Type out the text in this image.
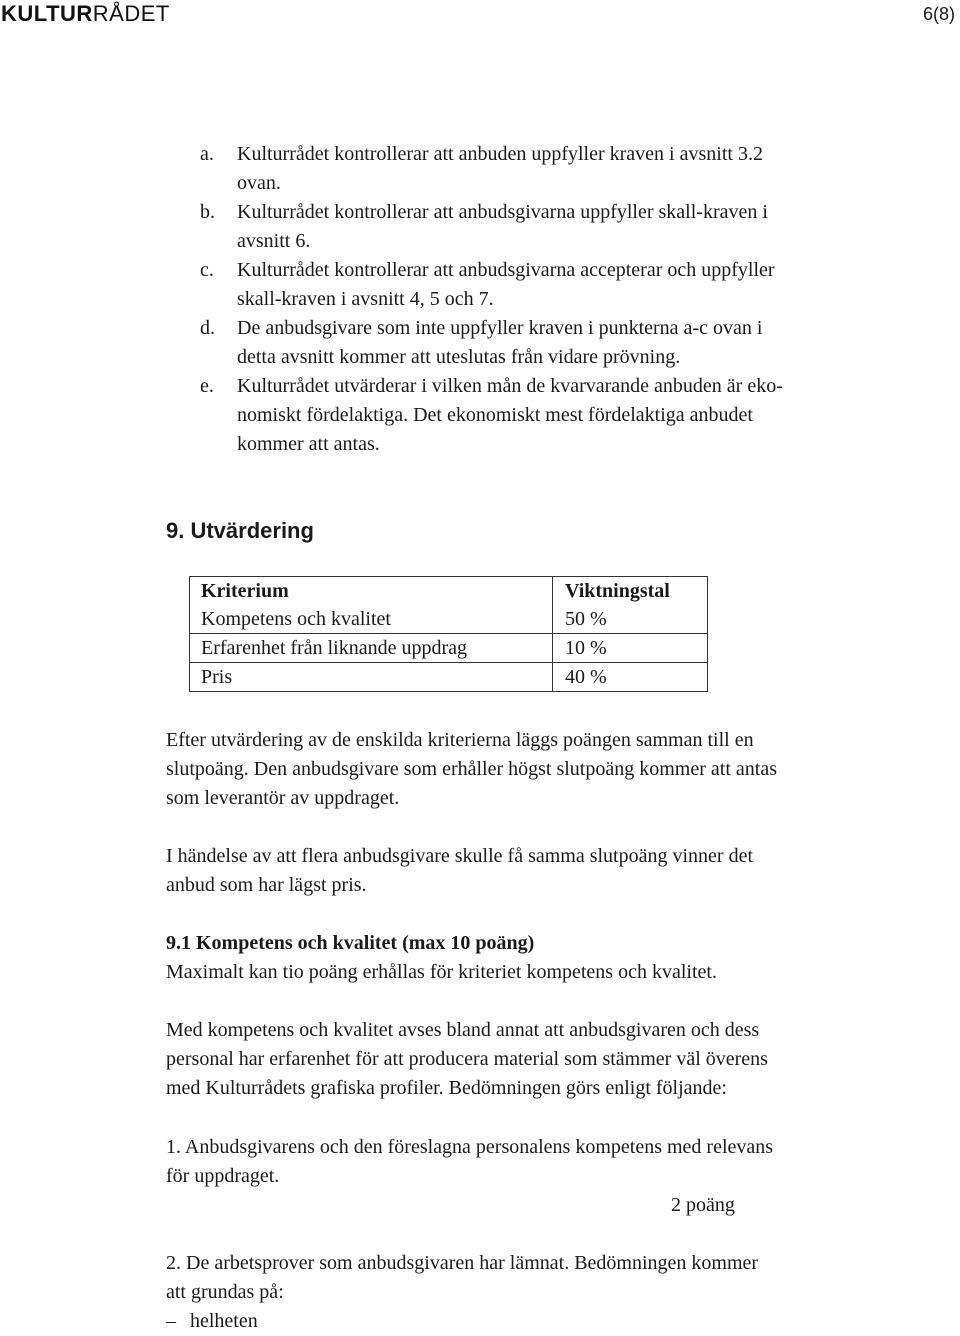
KULTURRÅDET	6(8)
a. Kulturrådet kontrollerar att anbuden uppfyller kraven i avsnitt 3.2
ovan.
b. Kulturrådet kontrollerar att anbudsgivarna uppfyller skall-kraven i
avsnitt 6.
c. Kulturrådet kontrollerar att anbudsgivarna accepterar och uppfyller
skall-kraven i avsnitt 4, 5 och 7.
d. De anbudsgivare som inte uppfyller kraven i punkterna a-c ovan i
detta avsnitt kommer att uteslutas från vidare prövning.
e. Kulturrådet utvärderar i vilken mån de kvarvarande anbuden är eko-
nomiskt fördelaktiga. Det ekonomiskt mest fördelaktiga anbudet
kommer att antas.
9. Utvärdering
Kriterium	Viktningstal
Kompetens och kvalitet	50 %
Erfarenhet från liknande uppdrag	10 %
Pris	40 %
Efter utvärdering av de enskilda kriterierna läggs poängen samman till en
slutpoäng. Den anbudsgivare som erhåller högst slutpoäng kommer att antas
som leverantör av uppdraget.
I händelse av att flera anbudsgivare skulle få samma slutpoäng vinner det
anbud som har lägst pris.
9.1 Kompetens och kvalitet (max 10 poäng)
Maximalt kan tio poäng erhållas för kriteriet kompetens och kvalitet.
Med kompetens och kvalitet avses bland annat att anbudsgivaren och dess
personal har erfarenhet för att producera material som stämmer väl överens
med Kulturrådets grafiska profiler. Bedömningen görs enligt följande:
1. Anbudsgivarens och den föreslagna personalens kompetens med relevans
för uppdraget.
2 poäng
2. De arbetsprover som anbudsgivaren har lämnat. Bedömningen kommer
att grundas på:
– helheten
